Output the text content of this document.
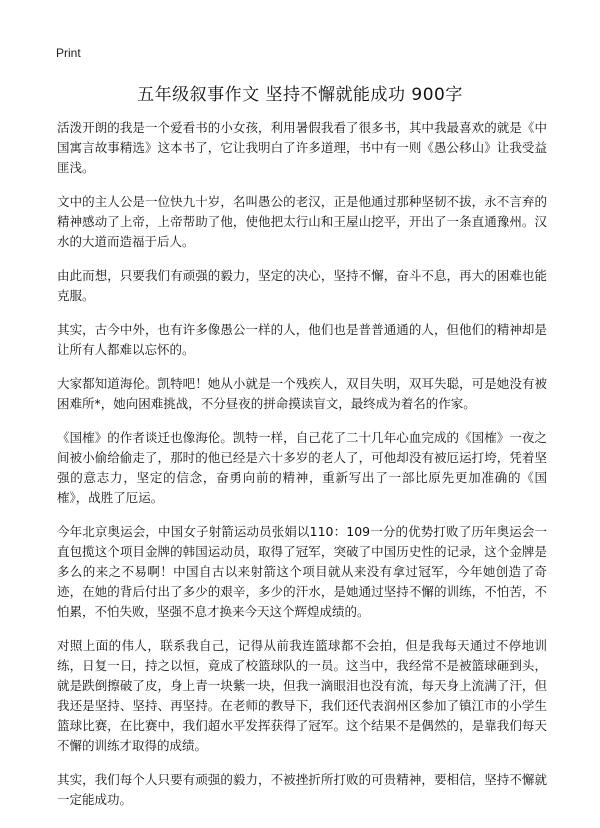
Print
五年级叙事作文 坚持不懈就能成功 900字

活泼开朗的我是一个爱看书的小女孩，利用暑假我看了很多书，其中我最喜欢的就是《中国寓言故事精选》这本书了，它让我明白了许多道理，书中有一则《愚公移山》让我受益匪浅。

文中的主人公是一位快九十岁，名叫愚公的老汉，正是他通过那种坚韧不拔，永不言弃的精神感动了上帝，上帝帮助了他，使他把太行山和王屋山挖平，开出了一条直通豫州。汉水的大道而造福于后人。

由此而想，只要我们有顽强的毅力，坚定的决心，坚持不懈，奋斗不息，再大的困难也能克服。

其实，古今中外，也有许多像愚公一样的人，他们也是普普通通的人，但他们的精神却是让所有人都难以忘怀的。

大家都知道海伦。凯特吧！她从小就是一个残疾人，双目失明，双耳失聪，可是她没有被困难所*，她向困难挑战，不分昼夜的拼命摸读盲文，最终成为着名的作家。

《国榷》的作者谈迁也像海伦。凯特一样，自己花了二十几年心血完成的《国榷》一夜之间被小偷给偷走了，那时的他已经是六十多岁的老人了，可他却没有被厄运打垮，凭着坚强的意志力，坚定的信念，奋勇向前的精神，重新写出了一部比原先更加准确的《国榷》，战胜了厄运。

今年北京奥运会，中国女子射箭运动员张娟以110：109一分的优势打败了历年奥运会一直包揽这个项目金牌的韩国运动员，取得了冠军，突破了中国历史性的记录，这个金牌是多么的来之不易啊！中国自古以来射箭这个项目就从来没有拿过冠军，今年她创造了奇迹，在她的背后付出了多少的艰辛，多少的汗水，是她通过坚持不懈的训练，不怕苦，不怕累，不怕失败，坚强不息才换来今天这个辉煌成绩的。

对照上面的伟人，联系我自己，记得从前我连篮球都不会拍，但是我每天通过不停地训练，日复一日，持之以恒，竟成了校篮球队的一员。这当中，我经常不是被篮球砸到头，就是跌倒擦破了皮，身上青一块紫一块，但我一滴眼泪也没有流，每天身上流满了汗，但我还是坚持、坚持、再坚持。在老师的教导下，我们还代表润州区参加了镇江市的小学生篮球比赛，在比赛中，我们超水平发挥获得了冠军。这个结果不是偶然的，是靠我们每天不懈的训练才取得的成绩。

其实，我们每个人只要有顽强的毅力，不被挫折所打败的可贵精神，要相信，坚持不懈就一定能成功。
